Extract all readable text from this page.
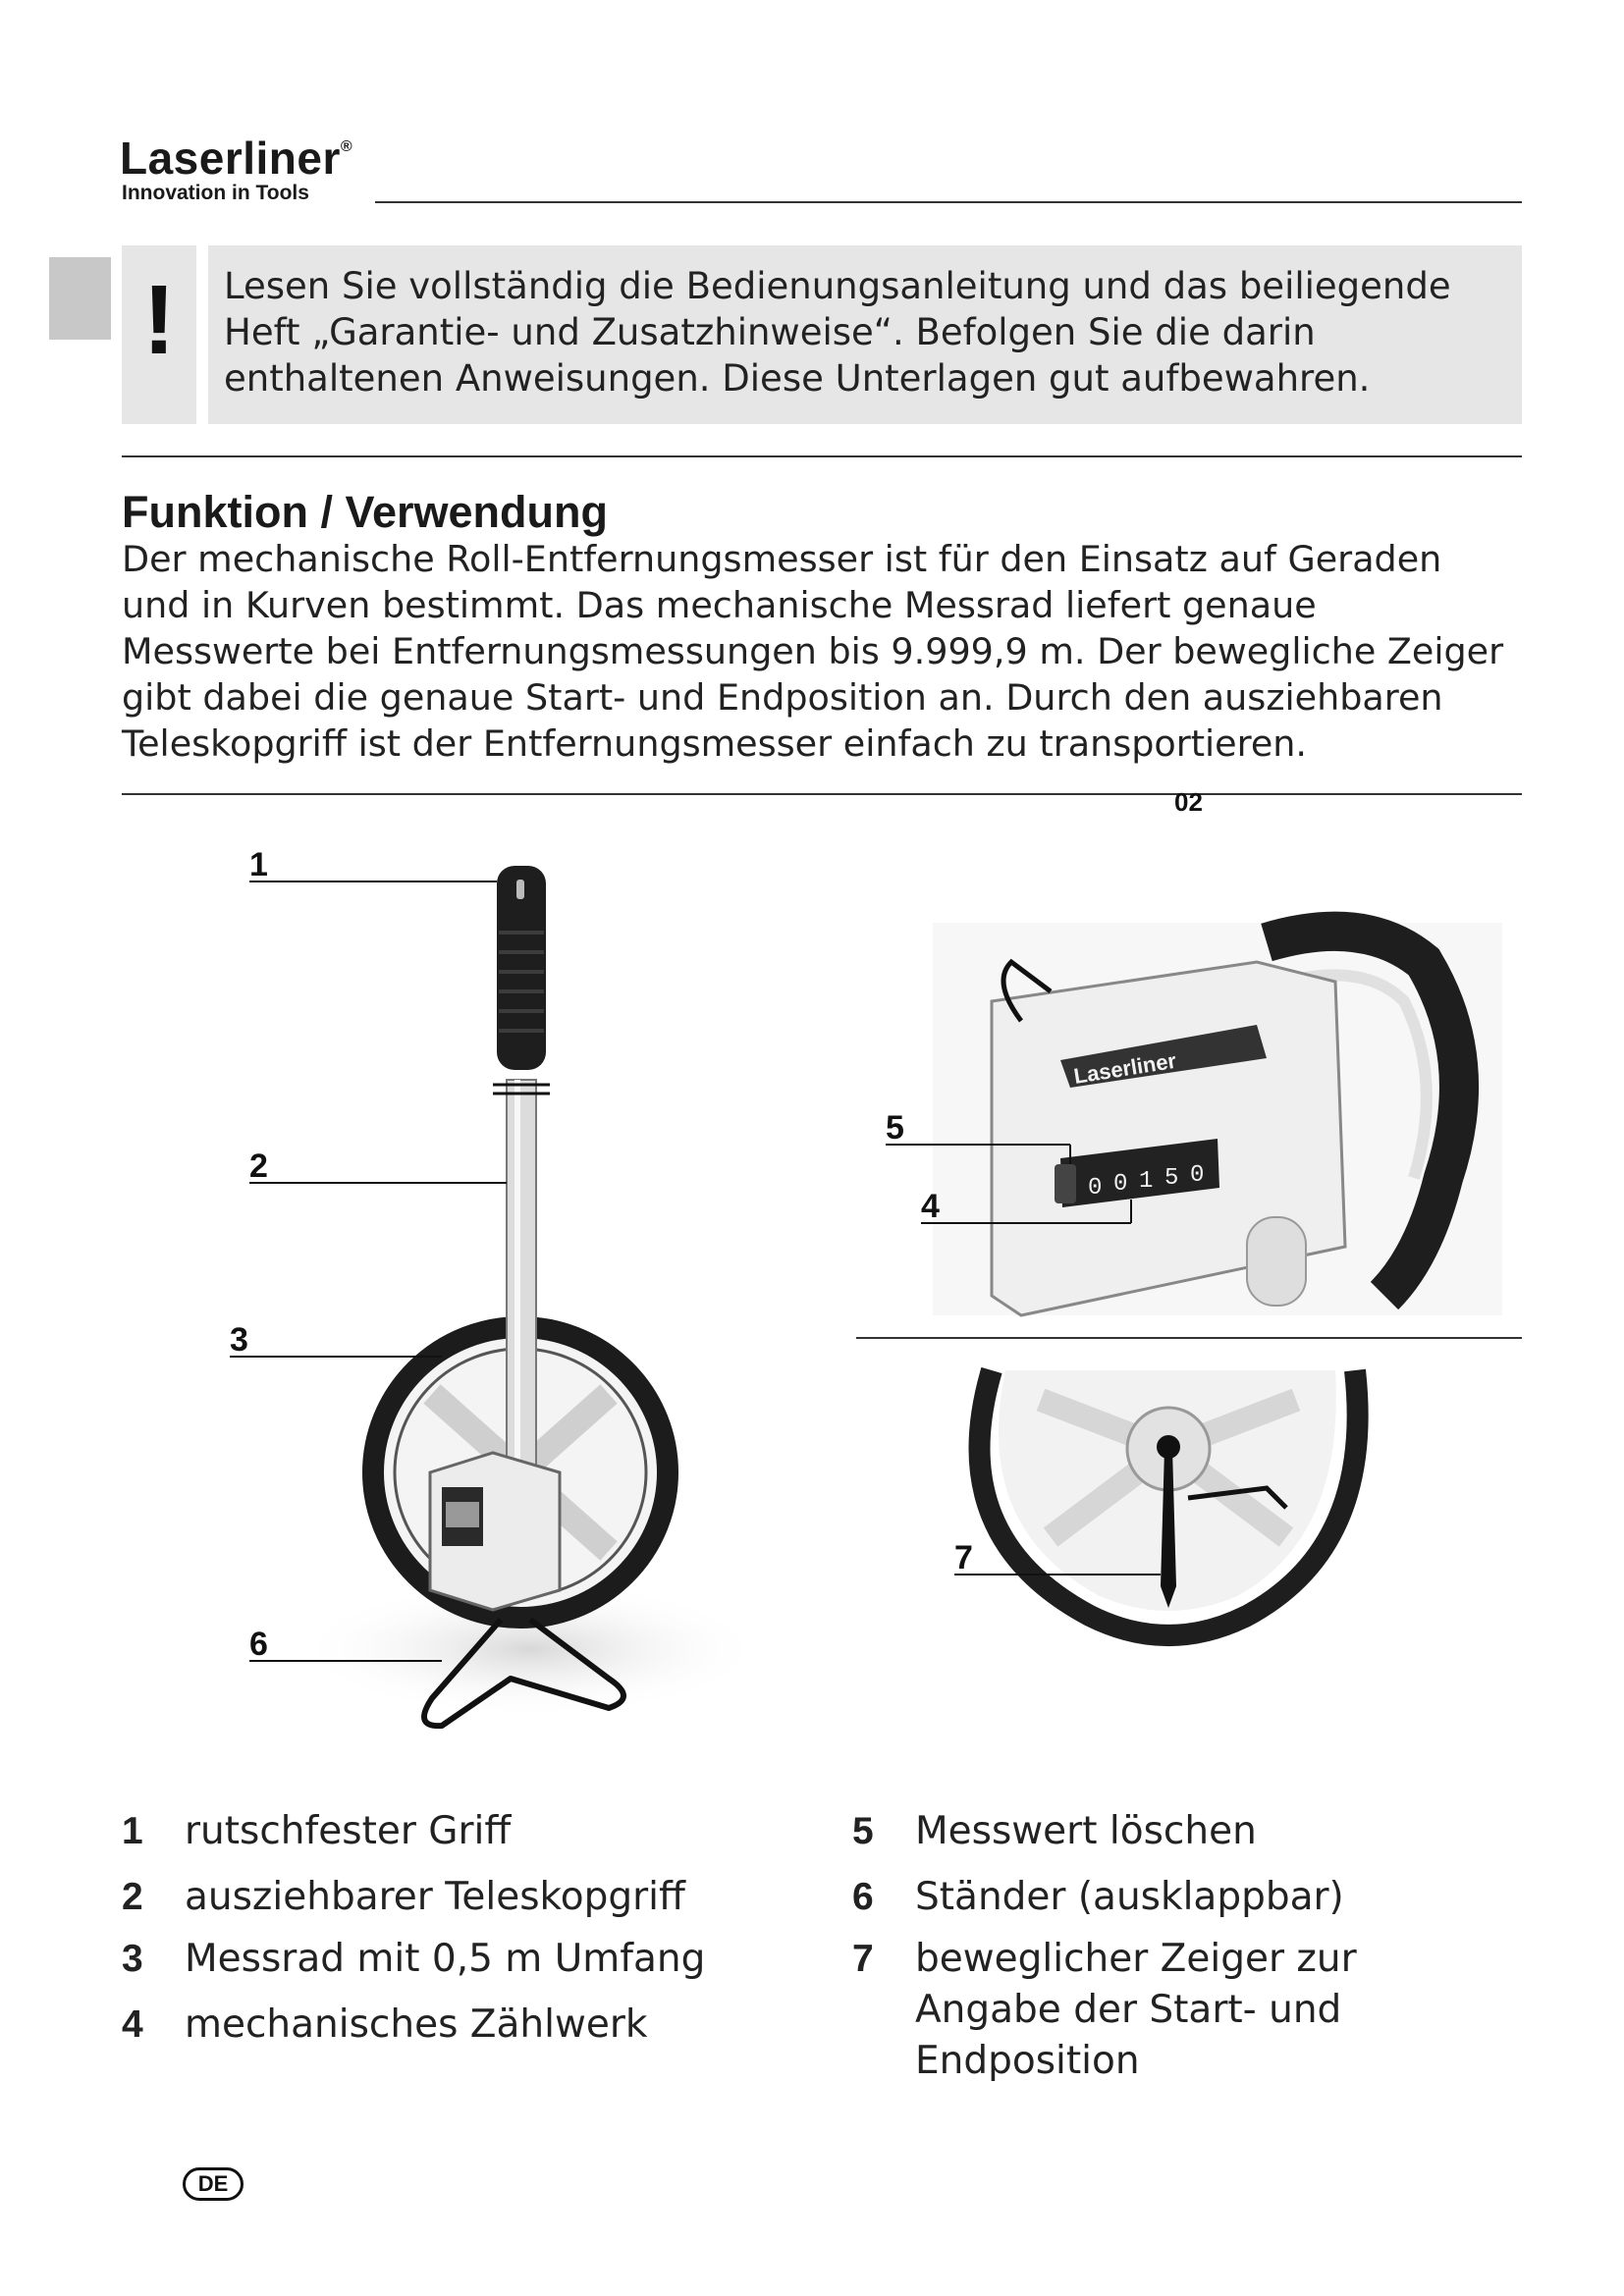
Laserliner®
Innovation in Tools
!	Lesen Sie vollständig die Bedienungsanleitung und das beiliegende Heft „Garantie- und Zusatzhinweise“. Befolgen Sie die darin enthaltenen Anweisungen. Diese Unterlagen gut aufbewahren.
Funktion / Verwendung
Der mechanische Roll-Entfernungsmesser ist für den Einsatz auf Geraden und in Kurven bestimmt. Das mechanische Messrad liefert genaue Messwerte bei Entfernungsmessungen bis 9.999,9 m. Der bewegliche Zeiger gibt dabei die genaue Start- und Endposition an. Durch den ausziehbaren Teleskopgriff ist der Entfernungsmesser einfach zu transportieren.
02
1
2
3
6
Laserliner
0 0 1 5 0
5
4
7
1 rutschfester Griff
2 ausziehbarer Teleskopgriff
3 Messrad mit 0,5 m Umfang
4 mechanisches Zählwerk
5 Messwert löschen
6 Ständer (ausklappbar)
7 beweglicher Zeiger zur Angabe der Start- und Endposition
DE
